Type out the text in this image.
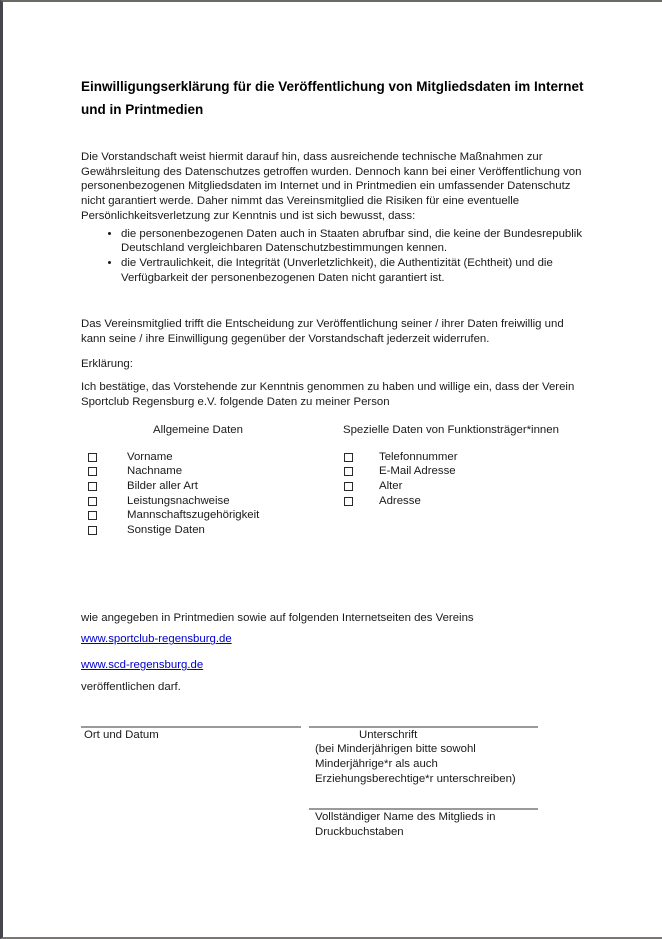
Einwilligungserklärung für die Veröffentlichung von Mitgliedsdaten im Internet und in Printmedien

Die Vorstandschaft weist hiermit darauf hin, dass ausreichende technische Maßnahmen zur Gewährsleitung des Datenschutzes getroffen wurden. Dennoch kann bei einer Veröffentlichung von personenbezogenen Mitgliedsdaten im Internet und in Printmedien ein umfassender Datenschutz nicht garantiert werde. Daher nimmt das Vereinsmitglied die Risiken für eine eventuelle Persönlichkeitsverletzung zur Kenntnis und ist sich bewusst, dass:

• die personenbezogenen Daten auch in Staaten abrufbar sind, die keine der Bundesrepublik Deutschland vergleichbaren Datenschutzbestimmungen kennen.
• die Vertraulichkeit, die Integrität (Unverletzlichkeit), die Authentizität (Echtheit) und die Verfügbarkeit der personenbezogenen Daten nicht garantiert ist.

Das Vereinsmitglied trifft die Entscheidung zur Veröffentlichung seiner / ihrer Daten freiwillig und kann seine / ihre Einwilligung gegenüber der Vorstandschaft jederzeit widerrufen.

Erklärung:

Ich bestätige, das Vorstehende zur Kenntnis genommen zu haben und willige ein, dass der Verein Sportclub Regensburg e.V. folgende Daten zu meiner Person

Allgemeine Daten
Vorname
Nachname
Bilder aller Art
Leistungsnachweise
Mannschaftszugehörigkeit
Sonstige Daten
Spezielle Daten von Funktionsträger*innen
Telefonnummer
E-Mail Adresse
Alter
Adresse

wie angegeben in Printmedien sowie auf folgenden Internetseiten des Vereins

www.sportclub-regensburg.de

www.scd-regensburg.de

veröffentlichen darf.

Ort und Datum	Unterschrift
(bei Minderjährigen bitte sowohl Minderjährige*r als auch Erziehungsberechtige*r unterschreiben)
Vollständiger Name des Mitglieds in Druckbuchstaben
